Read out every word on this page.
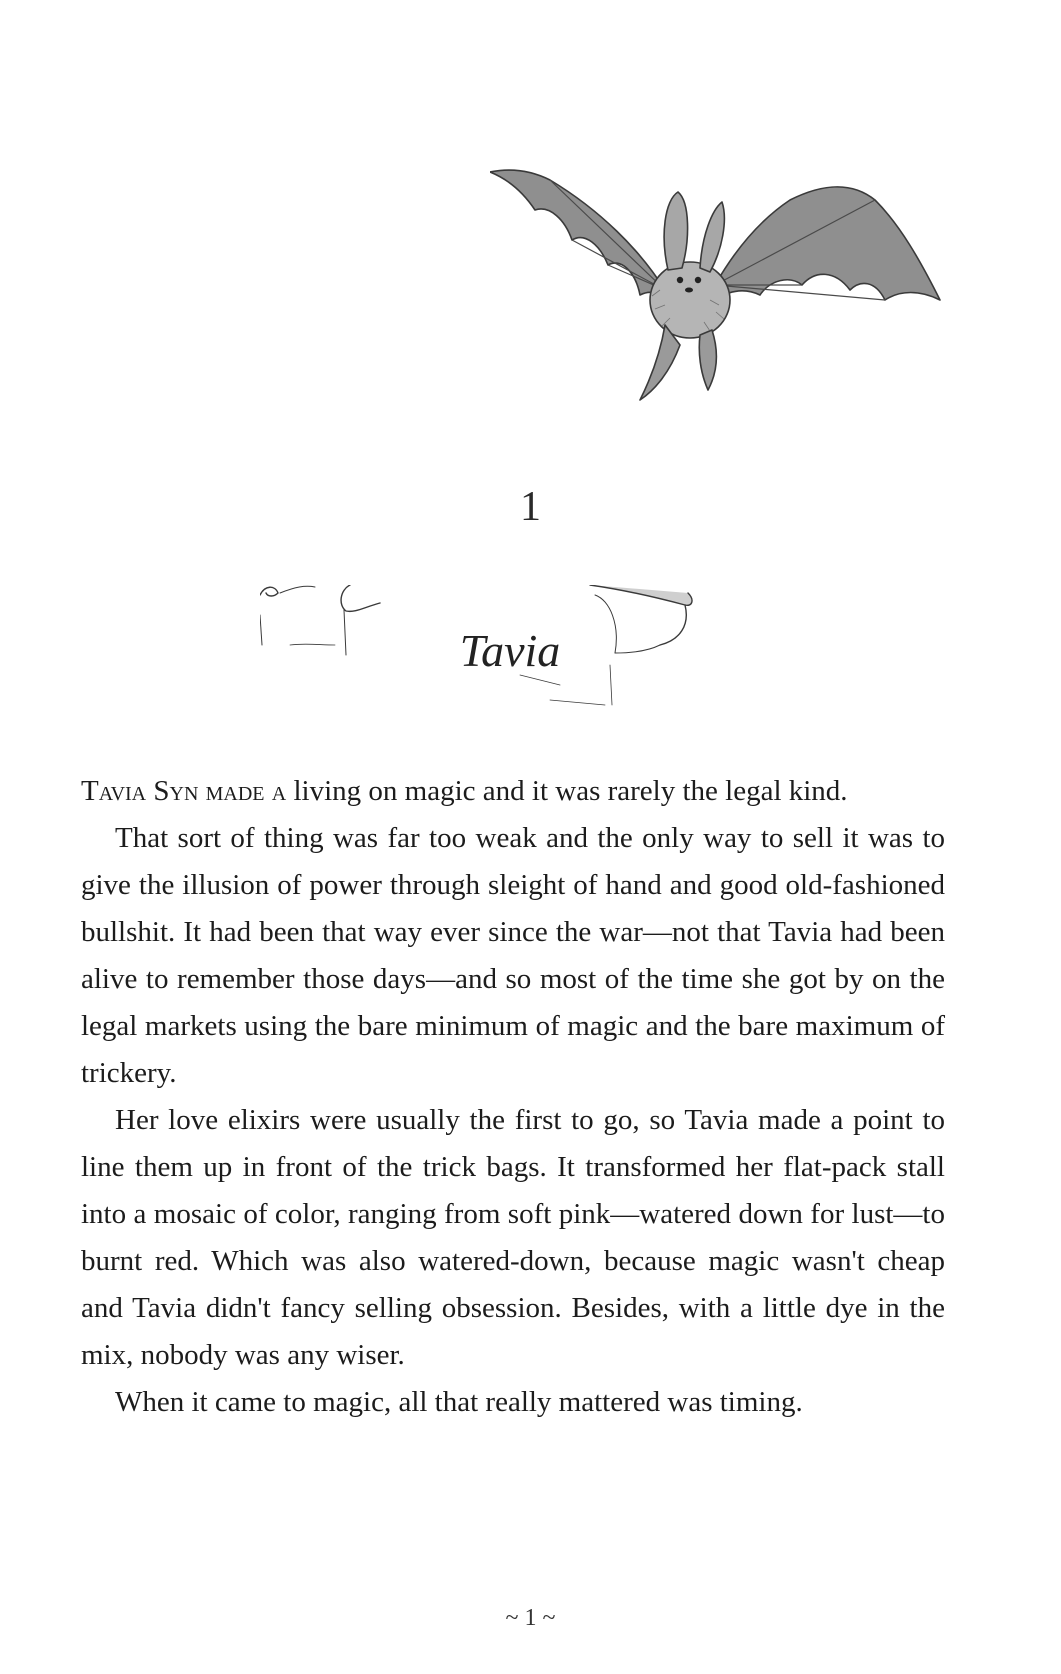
1
Tavia

Tavia Syn made a living on magic and it was rarely the legal kind.

That sort of thing was far too weak and the only way to sell it was to give the illusion of power through sleight of hand and good old-fashioned bullshit. It had been that way ever since the war—not that Tavia had been alive to remember those days—and so most of the time she got by on the legal markets using the bare minimum of magic and the bare maximum of trickery.

Her love elixirs were usually the first to go, so Tavia made a point to line them up in front of the trick bags. It transformed her flat-pack stall into a mosaic of color, ranging from soft pink—watered down for lust—to burnt red. Which was also watered-down, because magic wasn't cheap and Tavia didn't fancy selling obsession. Besides, with a little dye in the mix, nobody was any wiser.

When it came to magic, all that really mattered was timing.

~ 1 ~
